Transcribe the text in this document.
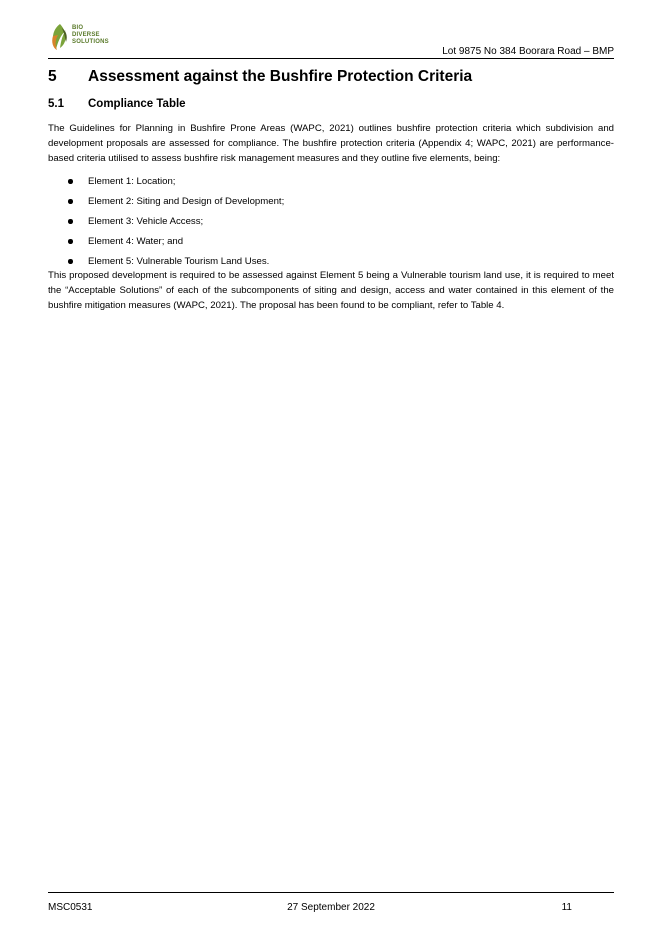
BIO
DIVERSE
SOLUTIONS
Lot 9875 No 384 Boorara Road – BMP
5	Assessment against the Bushfire Protection Criteria
5.1	Compliance Table

The Guidelines for Planning in Bushfire Prone Areas (WAPC, 2021) outlines bushfire protection criteria which subdivision and development proposals are assessed for compliance. The bushfire protection criteria (Appendix 4; WAPC, 2021) are performance-based criteria utilised to assess bushfire risk management measures and they outline five elements, being:

Element 1: Location;
Element 2: Siting and Design of Development;
Element 3: Vehicle Access;
Element 4: Water; and
Element 5: Vulnerable Tourism Land Uses.

This proposed development is required to be assessed against Element 5 being a Vulnerable tourism land use, it is required to meet the “Acceptable Solutions” of each of the subcomponents of siting and design, access and water contained in this element of the bushfire mitigation measures (WAPC, 2021). The proposal has been found to be compliant, refer to Table 4.

MSC0531	27 September 2022	11
